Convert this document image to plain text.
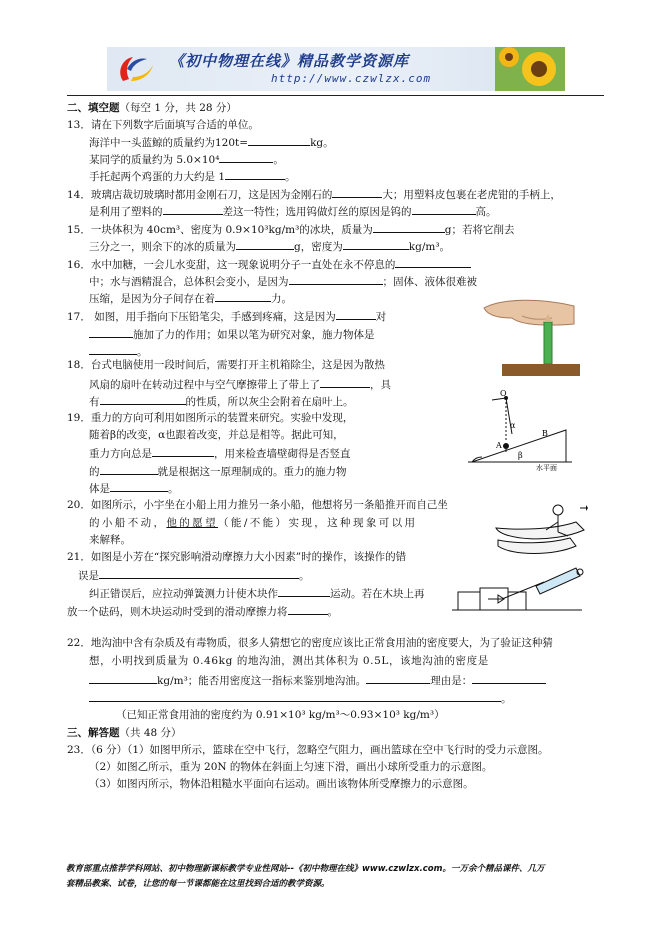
《初中物理在线》精品教学资源库
http://www.czwlzx.com
二、填空题（每空 1 分，共 28 分）
13．请在下列数字后面填写合适的单位。
海洋中一头蓝鲸的质量约为120t=	kg。
某同学的质量约为 5.0×10⁴	。
手托起两个鸡蛋的力大约是 1	。
14．玻璃店裁切玻璃时都用金刚石刀，这是因为金刚石的	大；用塑料皮包裹在老虎钳的手柄上，
是利用了塑料的	差这一特性；选用钨做灯丝的原因是钨的	高。
15．一块体积为 40cm³、密度为 0.9×10³kg/m³的冰块，质量为	g；若将它削去
三分之一，则余下的冰的质量为	g，密度为	kg/m³。
16．水中加糖，一会儿水变甜，这一现象说明分子一直处在永不停息的
中；水与酒精混合，总体积会变小，是因为	；固体、液体很难被
压缩，是因为分子间存在着	力。
17． 如图，用手指向下压铅笔尖，手感到疼痛，这是因为	对
施加了力的作用；如果以笔为研究对象，施力物体是
。
18．台式电脑使用一段时间后，需要打开主机箱除尘，这是因为散热
风扇的扇叶在转动过程中与空气摩擦带上了带上了	，具
有	的性质，所以灰尘会附着在扇叶上。
19．重力的方向可利用如图所示的装置来研究。实验中发现，
随着β的改变，α也跟着改变，并总是相等。据此可知，
重力方向总是	，用来检查墙壁砌得是否竖直
的	就是根据这一原理制成的。重力的施力物
体是	。
O
α
A
β
B
水平面
20．如图所示，小宇坐在小船上用力推另一条小船，他想将另一条船推开而自己坐
的小船不动，他的愿望（能/不能）实现，这种现象可以用
来解释。
21．如图是小芳在“探究影响滑动摩擦力大小因素”时的操作，该操作的错
误是	。
纠正错误后，应拉动弹簧测力计使木块作	运动。若在木块上再
放一个砝码，则木块运动时受到的滑动摩擦力将	。
22．地沟油中含有杂质及有毒物质，很多人猜想它的密度应该比正常食用油的密度要大，为了验证这种猜
想，小明找到质量为 0.46kg 的地沟油，测出其体积为 0.5L，该地沟油的密度是
kg/m³；能否用密度这一指标来鉴别地沟油。	理由是：
。
（已知正常食用油的密度约为 0.91×10³ kg/m³～0.93×10³ kg/m³）
三、解答题（共 48 分）
23．（6 分）（1）如图甲所示，篮球在空中飞行，忽略空气阻力，画出篮球在空中飞行时的受力示意图。
（2）如图乙所示，重为 20N 的物体在斜面上匀速下滑，画出小球所受重力的示意图。
（3）如图丙所示，物体沿粗糙水平面向右运动。画出该物体所受摩擦力的示意图。
教育部重点推荐学科网站、初中物理新课标教学专业性网站--《初中物理在线》www.czwlzx.com。一万余个精品课件、几万
套精品教案、试卷，让您的每一节课都能在这里找到合适的教学资源。
